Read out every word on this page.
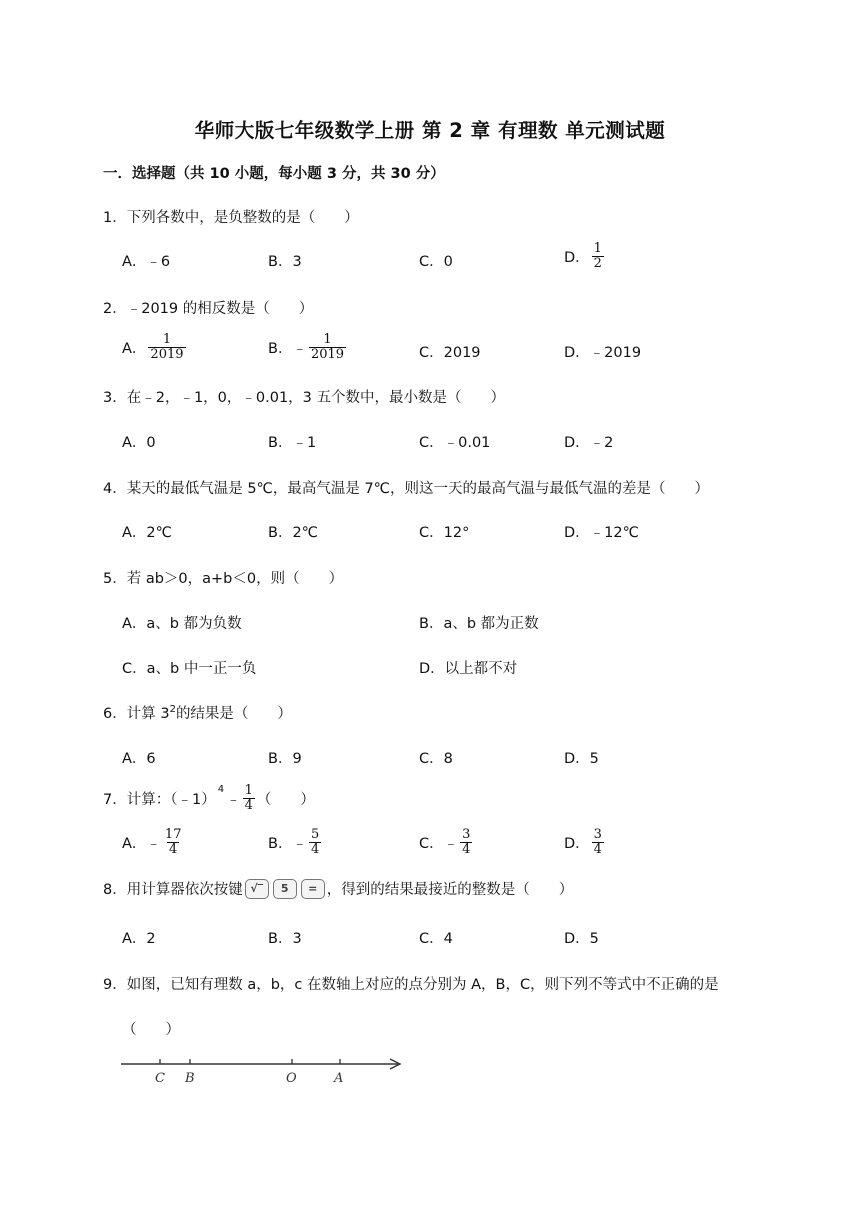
华师大版七年级数学上册 第 2 章 有理数 单元测试题
一．选择题（共 10 小题，每小题 3 分，共 30 分）
1．下列各数中，是负整数的是（　　）
A．﹣6	B．3	C．0	D． $\frac{1}{2}$
2．﹣2019 的相反数是（　　）
A． $\frac{1}{2019}$	B．﹣ $\frac{1}{2019}$	C．2019	D．﹣2019
3．在﹣2，﹣1，0，﹣0.01，3 五个数中，最小数是（　　）
A．0	B．﹣1	C．﹣0.01	D．﹣2
4．某天的最低气温是 5℃，最高气温是 7℃，则这一天的最高气温与最低气温的差是（　　）
A．2℃	B．2℃	C．12°	D．﹣12℃
5．若 ab＞0，a+b＜0，则（　　）
A．a、b 都为负数	B．a、b 都为正数
C．a、b 中一正一负	D．以上都不对
6．计算 $3^2$的结果是（　　）
A．6	B．9	C．8	D．5
7．计算：（﹣1）
$^4$
﹣ $\frac{1}{4}$ （　　）
A．﹣ $\frac{17}{4}$	B．﹣ $\frac{5}{4}$	C．﹣ $\frac{3}{4}$	D． $\frac{3}{4}$
8．用计算器依次按键 √‾	5	= ，得到的结果最接近的整数是（　　）
A．2	B．3	C．4	D．5
9．如图，已知有理数 a，b，c 在数轴上对应的点分别为 A，B，C，则下列不等式中不正确的是
（　　）
C B	O	A
